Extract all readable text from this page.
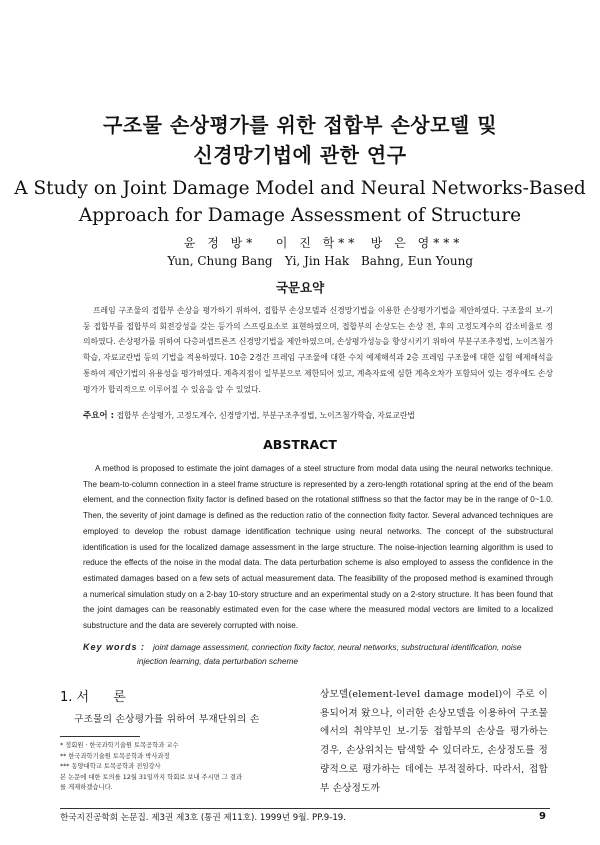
구조물 손상평가를 위한 접합부 손상모델 및
신경망기법에 관한 연구
A Study on Joint Damage Model and Neural Networks-Based
Approach for Damage Assessment of Structure
윤 정 방*
Yun, Chung Bang
이 진 학**
Yi, Jin Hak
방 은 영***
Bahng, Eun Young
국문요약
프레임 구조물의 접합부 손상을 평가하기 위하여, 접합부 손상모델과 신경망기법을 이용한 손상평가기법을 제안하였다. 구조물의 보-기둥 접합부를 접합부의 회전강성을 갖는 등가의 스프링요소로 표현하였으며, 접합부의 손상도는 손상 전, 후의 고정도계수의 감소비율로 정의하였다. 손상평가를 위하여 다층퍼셉트론즈 신경망기법을 제안하였으며, 손상평가성능을 향상시키기 위하여 부분구조추정법, 노이즈첨가학습, 자료교란법 등의 기법을 적용하였다. 10층 2경간 프레임 구조물에 대한 수치 예제해석과 2층 프레임 구조물에 대한 실험 예제해석을 통하여 제안기법의 유용성을 평가하였다. 계측지점이 일부분으로 제한되어 있고, 계측자료에 심한 계측오차가 포함되어 있는 경우에도 손상평가가 합리적으로 이루어질 수 있음을 알 수 있었다.
주요어 : 접합부 손상평가, 고정도계수, 신경망기법, 부분구조추정법, 노이즈첨가학습, 자료교란법
ABSTRACT
A method is proposed to estimate the joint damages of a steel structure from modal data using the neural networks technique. The beam-to-column connection in a steel frame structure is represented by a zero-length rotational spring at the end of the beam element, and the connection fixity factor is defined based on the rotational stiffness so that the factor may be in the range of 0~1.0. Then, the severity of joint damage is defined as the reduction ratio of the connection fixity factor. Several advanced techniques are employed to develop the robust damage identification technique using neural networks. The concept of the substructural identification is used for the localized damage assessment in the large structure. The noise-injection learning algorithm is used to reduce the effects of the noise in the modal data. The data perturbation scheme is also employed to assess the confidence in the estimated damages based on a few sets of actual measurement data. The feasibility of the proposed method is examined through a numerical simulation study on a 2-bay 10-story structure and an experimental study on a 2-story structure. It has been found that the joint damages can be reasonably estimated even for the case where the measured modal vectors are limited to a localized substructure and the data are severely corrupted with noise.
Key words : joint damage assessment, connection fixity factor, neural networks, substructural identification, noise
injection learning, data perturbation scheme
1. 서 론
구조물의 손상평가를 위하여 부재단위의 손
* 정회원 · 한국과학기술원 토목공학과 교수
** 한국과학기술원 토목공학과 박사과정
*** 동양대학교 토목공학과 전임강사
본 논문에 대한 토의를 12월 31일까지 학회로 보내 주시면 그 결과
를 게재하겠습니다.
상모델(element-level damage model)이 주로 이용되어져 왔으나, 이러한 손상모델을 이용하여 구조물에서의 취약부인 보-기둥 접합부의 손상을 평가하는 경우, 손상위치는 탐색할 수 있더라도, 손상정도를 정량적으로 평가하는 데에는 부적절하다. 따라서, 접합부 손상정도까
한국지진공학회 논문집. 제3권 제3호 (통권 제11호). 1999년 9월. PP.9-19.	9
